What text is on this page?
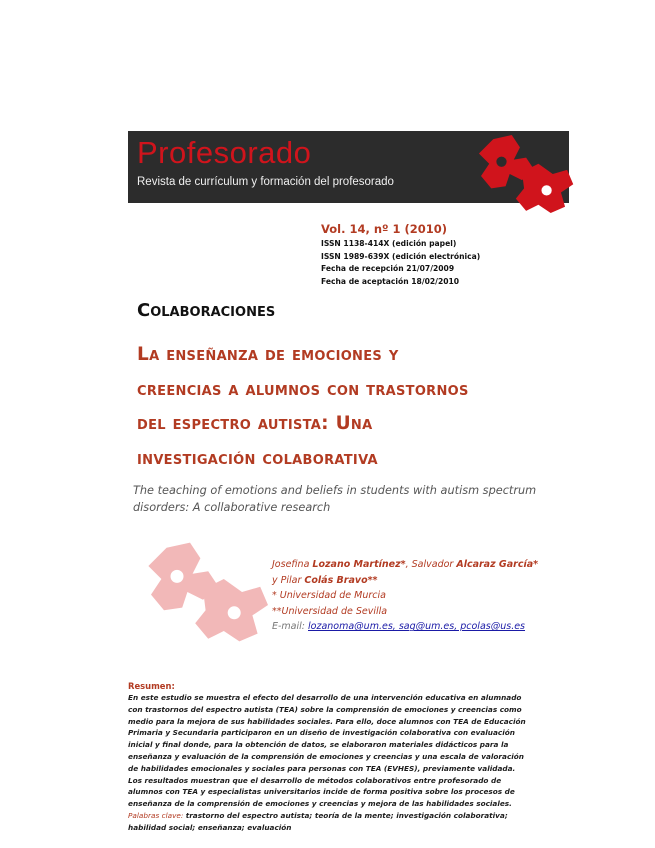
Profesorado
Revista de currículum y formación del profesorado
Vol. 14, nº 1 (2010)
ISSN 1138-414X (edición papel)
ISSN 1989-639X (edición electrónica)
Fecha de recepción 21/07/2009
Fecha de aceptación 18/02/2010
Colaboraciones
La enseñanza de emociones y
creencias a alumnos con trastornos
del espectro autista: Una
investigación colaborativa
The teaching of emotions and beliefs in students with autism spectrum
disorders: A collaborative research
Josefina Lozano Martínez*, Salvador Alcaraz García*
y Pilar Colás Bravo**
* Universidad de Murcia
**Universidad de Sevilla
E-mail: lozanoma@um.es, sag@um.es, pcolas@us.es
Resumen:
En este estudio se muestra el efecto del desarrollo de una intervención educativa en alumnado
con trastornos del espectro autista (TEA) sobre la comprensión de emociones y creencias como
medio para la mejora de sus habilidades sociales. Para ello, doce alumnos con TEA de Educación
Primaria y Secundaria participaron en un diseño de investigación colaborativa con evaluación
inicial y final donde, para la obtención de datos, se elaboraron materiales didácticos para la
enseñanza y evaluación de la comprensión de emociones y creencias y una escala de valoración
de habilidades emocionales y sociales para personas con TEA (EVHES), previamente validada.
Los resultados muestran que el desarrollo de métodos colaborativos entre profesorado de
alumnos con TEA y especialistas universitarios incide de forma positiva sobre los procesos de
enseñanza de la comprensión de emociones y creencias y mejora de las habilidades sociales.
Palabras clave: trastorno del espectro autista; teoría de la mente; investigación colaborativa;
habilidad social; enseñanza; evaluación
